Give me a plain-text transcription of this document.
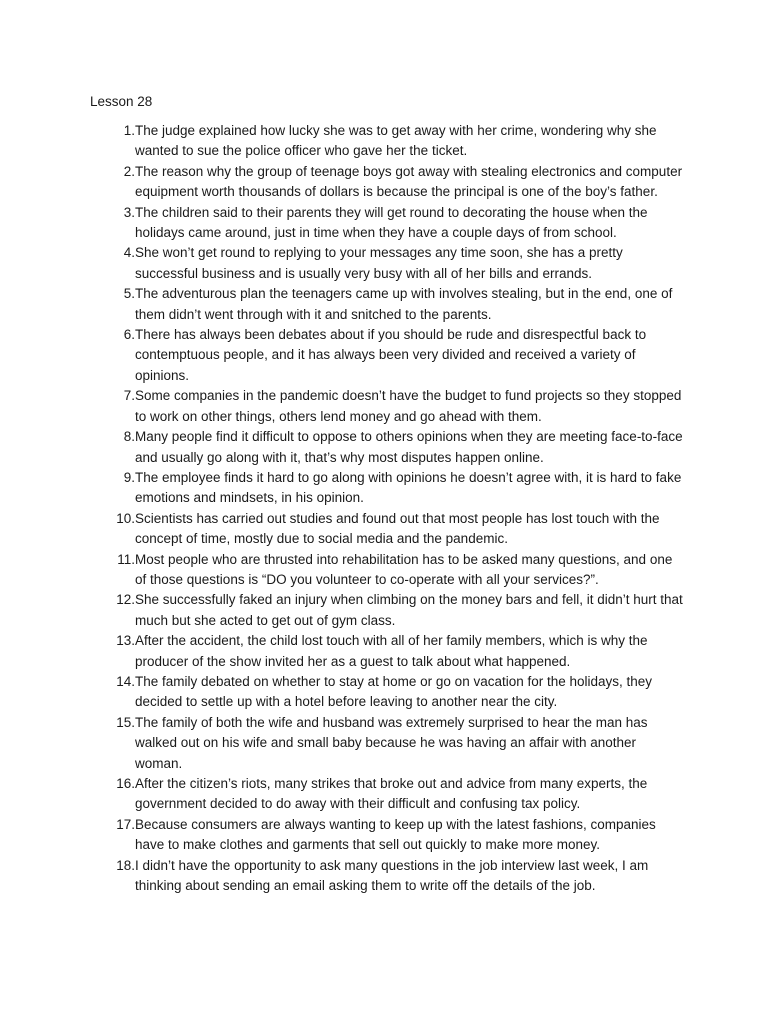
Lesson 28
1. The judge explained how lucky she was to get away with her crime, wondering why she wanted to sue the police officer who gave her the ticket.
2. The reason why the group of teenage boys got away with stealing electronics and computer equipment worth thousands of dollars is because the principal is one of the boy’s father.
3. The children said to their parents they will get round to decorating the house when the holidays came around, just in time when they have a couple days of from school.
4. She won’t get round to replying to your messages any time soon, she has a pretty successful business and is usually very busy with all of her bills and errands.
5. The adventurous plan the teenagers came up with involves stealing, but in the end, one of them didn’t went through with it and snitched to the parents.
6. There has always been debates about if you should be rude and disrespectful back to contemptuous people, and it has always been very divided and received a variety of opinions.
7. Some companies in the pandemic doesn’t have the budget to fund projects so they stopped to work on other things, others lend money and go ahead with them.
8. Many people find it difficult to oppose to others opinions when they are meeting face-to-face and usually go along with it, that’s why most disputes happen online.
9. The employee finds it hard to go along with opinions he doesn’t agree with, it is hard to fake emotions and mindsets, in his opinion.
10. Scientists has carried out studies and found out that most people has lost touch with the concept of time, mostly due to social media and the pandemic.
11. Most people who are thrusted into rehabilitation has to be asked many questions, and one of those questions is “DO you volunteer to co-operate with all your services?”.
12. She successfully faked an injury when climbing on the money bars and fell, it didn’t hurt that much but she acted to get out of gym class.
13. After the accident, the child lost touch with all of her family members, which is why the producer of the show invited her as a guest to talk about what happened.
14. The family debated on whether to stay at home or go on vacation for the holidays, they decided to settle up with a hotel before leaving to another near the city.
15. The family of both the wife and husband was extremely surprised to hear the man has walked out on his wife and small baby because he was having an affair with another woman.
16. After the citizen’s riots, many strikes that broke out and advice from many experts, the government decided to do away with their difficult and confusing tax policy.
17. Because consumers are always wanting to keep up with the latest fashions, companies have to make clothes and garments that sell out quickly to make more money.
18. I didn’t have the opportunity to ask many questions in the job interview last week, I am thinking about sending an email asking them to write off the details of the job.
